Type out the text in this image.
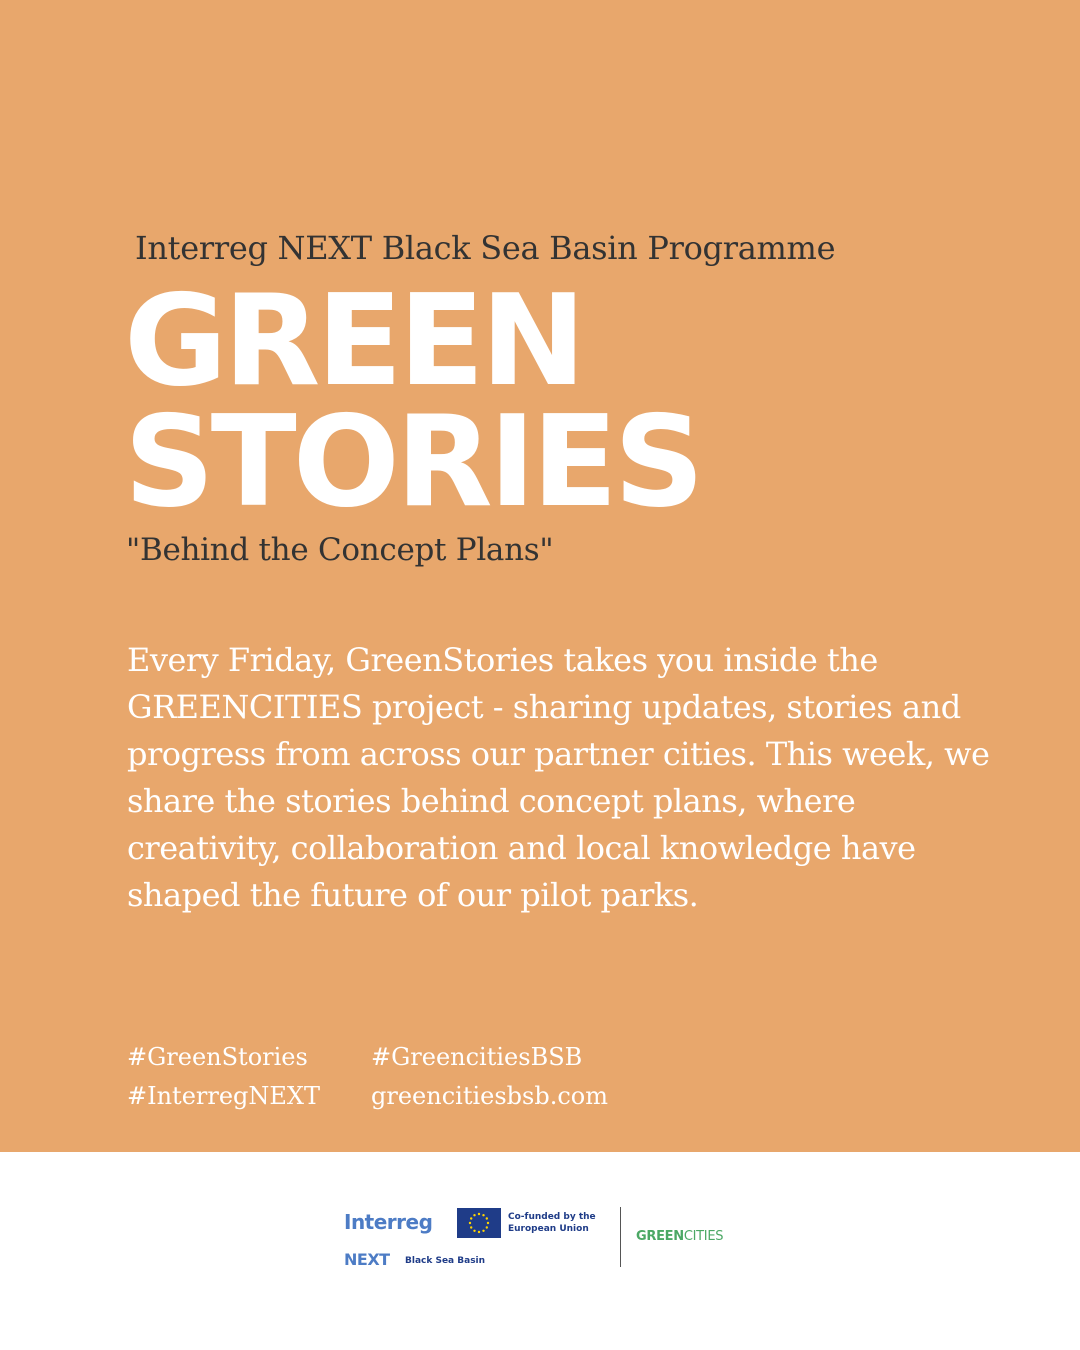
Interreg NEXT Black Sea Basin Programme
GREEN
STORIES
"Behind the Concept Plans"
Every Friday, GreenStories takes you inside the GREENCITIES project - sharing updates, stories and progress from across our partner cities. This week, we share the stories behind concept plans, where creativity, collaboration and local knowledge have shaped the future of our pilot parks.
#GreenStories
#InterregNEXT
#GreencitiesBSB
greencitiesbsb.com
Interreg	Co-funded by the European Union
NEXT Black Sea Basin
GREENCITIES
